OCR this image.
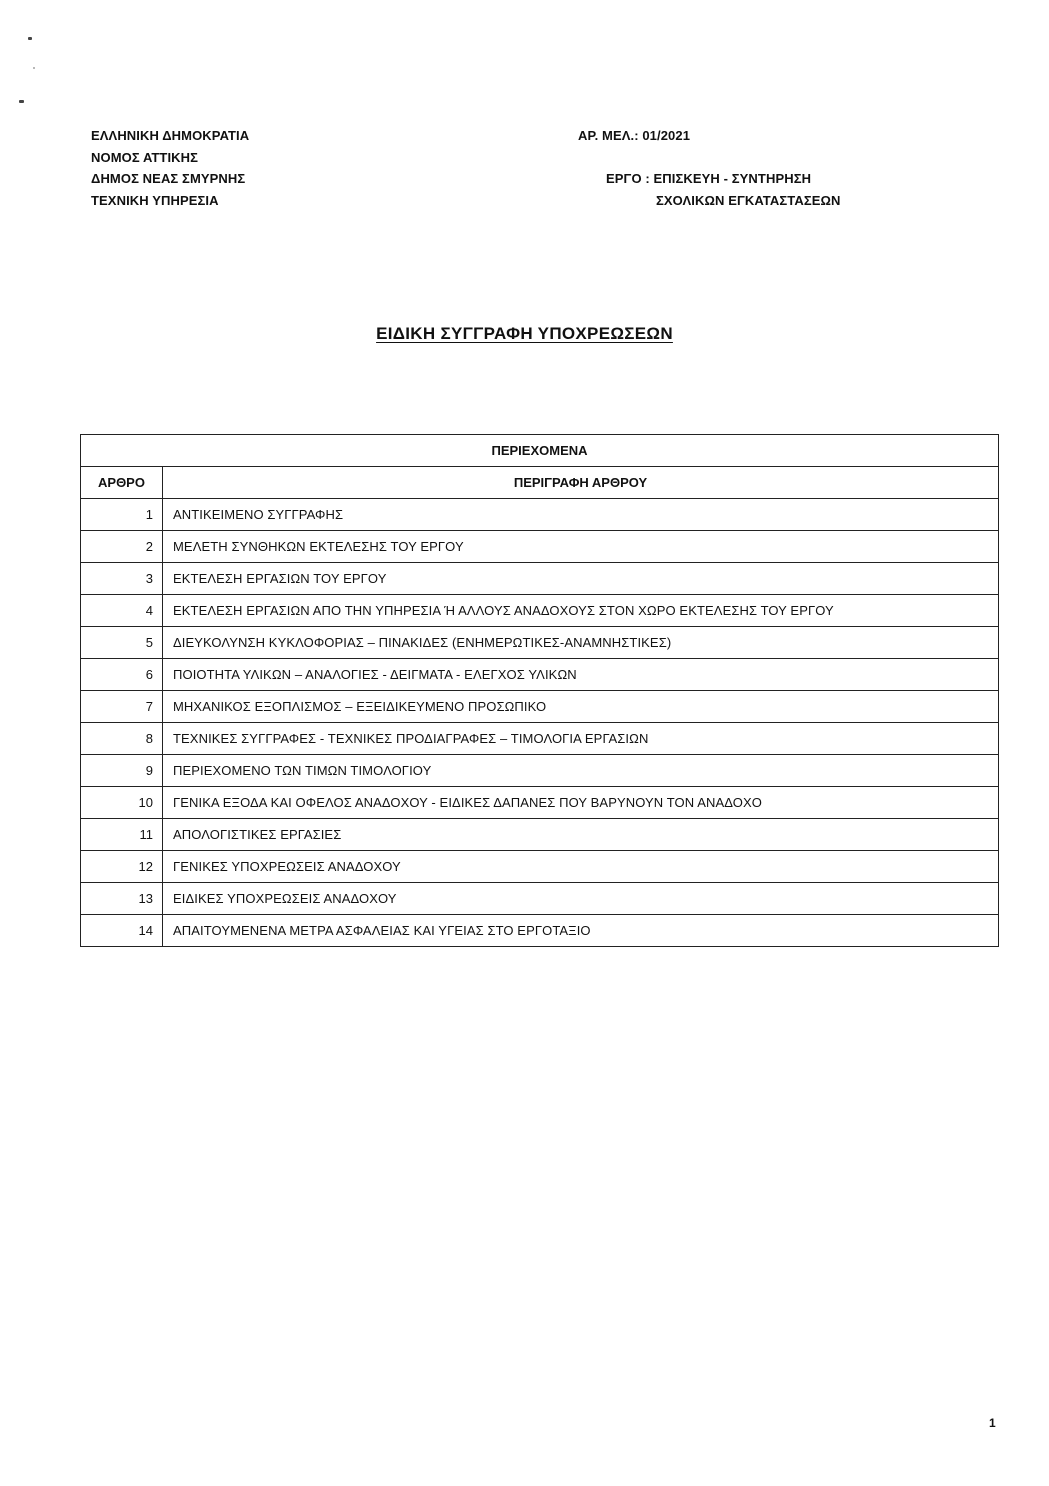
ΕΛΛΗΝΙΚΗ ΔΗΜΟΚΡΑΤΙΑ
ΝΟΜΟΣ ΑΤΤΙΚΗΣ
ΔΗΜΟΣ ΝΕΑΣ ΣΜΥΡΝΗΣ
ΤΕΧΝΙΚΗ ΥΠΗΡΕΣΙΑ
ΑΡ. ΜΕΛ.: 01/2021
ΕΡΓΟ : ΕΠΙΣΚΕΥΗ - ΣΥΝΤΗΡΗΣΗ
ΣΧΟΛΙΚΩΝ ΕΓΚΑΤΑΣΤΑΣΕΩΝ
ΕΙΔΙΚΗ ΣΥΓΓΡΑΦΗ ΥΠΟΧΡΕΩΣΕΩΝ
ΠΕΡΙΕΧΟΜΕΝΑ	
ΑΡΘΡΟ	ΠΕΡΙΓΡΑΦΗ ΑΡΘΡΟΥ
1	ΑΝΤΙΚΕΙΜΕΝΟ ΣΥΓΓΡΑΦΗΣ
2	ΜΕΛΕΤΗ ΣΥΝΘΗΚΩΝ ΕΚΤΕΛΕΣΗΣ ΤΟΥ ΕΡΓΟΥ
3	ΕΚΤΕΛΕΣΗ ΕΡΓΑΣΙΩΝ ΤΟΥ ΕΡΓΟΥ
4	ΕΚΤΕΛΕΣΗ ΕΡΓΑΣΙΩΝ ΑΠΟ ΤΗΝ ΥΠΗΡΕΣΙΑ Ή ΑΛΛΟΥΣ ΑΝΑΔΟΧΟΥΣ ΣΤΟΝ ΧΩΡΟ ΕΚΤΕΛΕΣΗΣ ΤΟΥ ΕΡΓΟΥ
5	ΔΙΕΥΚΟΛΥΝΣΗ ΚΥΚΛΟΦΟΡΙΑΣ – ΠΙΝΑΚΙΔΕΣ (ΕΝΗΜΕΡΩΤΙΚΕΣ-ΑΝΑΜΝΗΣΤΙΚΕΣ)
6	ΠΟΙΟΤΗΤΑ ΥΛΙΚΩΝ – ΑΝΑΛΟΓΙΕΣ - ΔΕΙΓΜΑΤΑ - ΕΛΕΓΧΟΣ ΥΛΙΚΩΝ
7	ΜΗΧΑΝΙΚΟΣ ΕΞΟΠΛΙΣΜΟΣ – ΕΞΕΙΔΙΚΕΥΜΕΝΟ ΠΡΟΣΩΠΙΚΟ
8	ΤΕΧΝΙΚΕΣ ΣΥΓΓΡΑΦΕΣ - ΤΕΧΝΙΚΕΣ ΠΡΟΔΙΑΓΡΑΦΕΣ – ΤΙΜΟΛΟΓΙΑ ΕΡΓΑΣΙΩΝ
9	ΠΕΡΙΕΧΟΜΕΝΟ ΤΩΝ ΤΙΜΩΝ ΤΙΜΟΛΟΓΙΟΥ
10	ΓΕΝΙΚΑ ΕΞΟΔΑ ΚΑΙ ΟΦΕΛΟΣ ΑΝΑΔΟΧΟΥ - ΕΙΔΙΚΕΣ ΔΑΠΑΝΕΣ ΠΟΥ ΒΑΡΥΝΟΥΝ ΤΟΝ ΑΝΑΔΟΧΟ
11	ΑΠΟΛΟΓΙΣΤΙΚΕΣ ΕΡΓΑΣΙΕΣ
12	ΓΕΝΙΚΕΣ ΥΠΟΧΡΕΩΣΕΙΣ ΑΝΑΔΟΧΟΥ
13	ΕΙΔΙΚΕΣ ΥΠΟΧΡΕΩΣΕΙΣ ΑΝΑΔΟΧΟΥ
14	ΑΠΑΙΤΟΥΜΕΝΕΝΑ ΜΕΤΡΑ ΑΣΦΑΛΕΙΑΣ ΚΑΙ ΥΓΕΙΑΣ ΣΤΟ ΕΡΓΟΤΑΞΙΟ
1
